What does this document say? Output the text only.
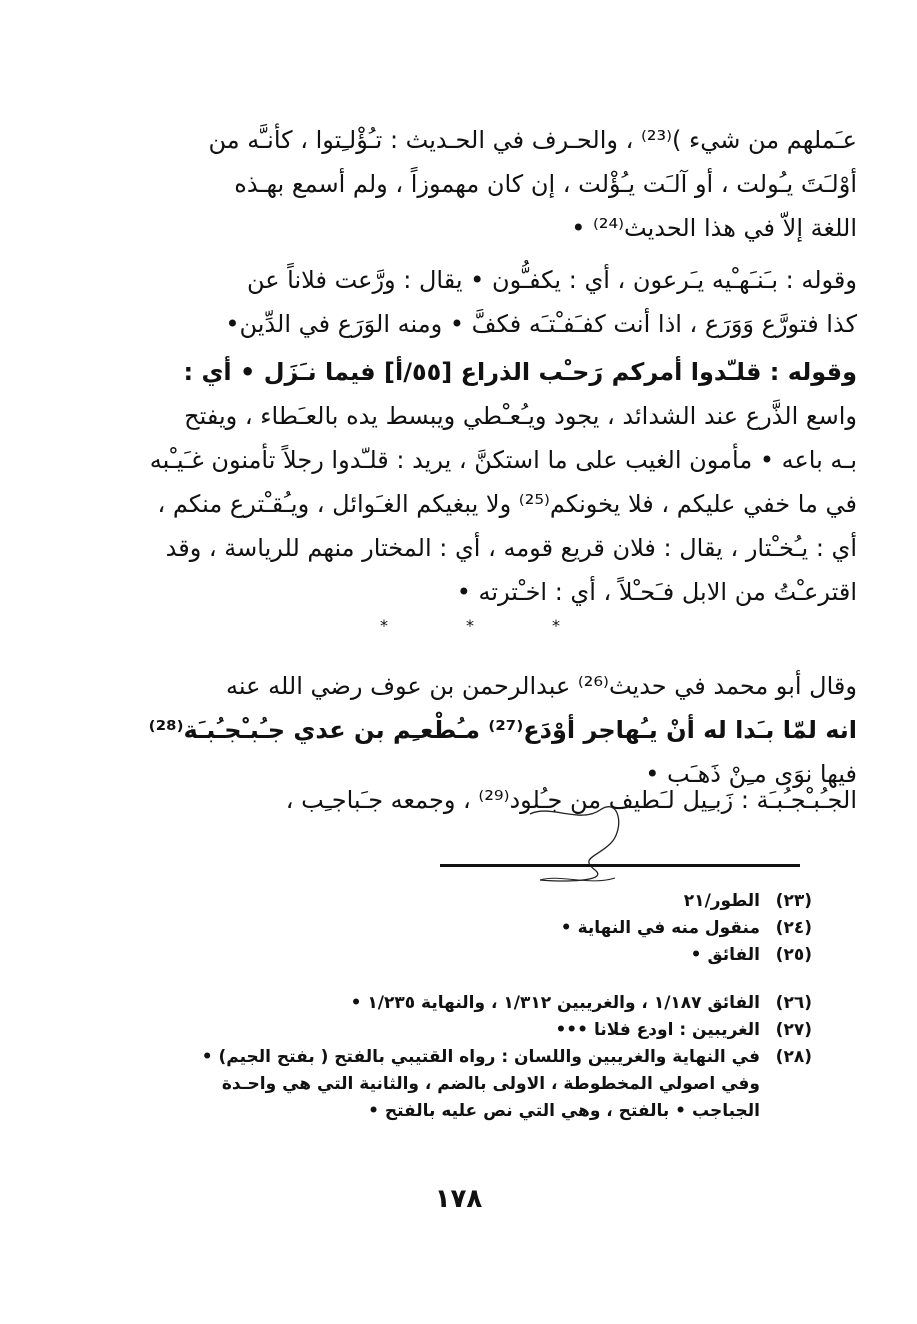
عـَملهم من شيء )⁽²³⁾ ، والحـرف في الحـديث : تـُؤْلـِتوا ، كأنـَّه من

أوْلـَتَ يـُولت ، أو آلـَت يـُؤْلت ، إن كان مهموزاً ، ولم أسمع بهـذه

اللغة إلاّ في هذا الحديث⁽²⁴⁾ •

وقوله : بـَنـَهـْيه يـَرعون ، أي : يكفـُّون • يقال : ورَّعت فلاناً عن

كذا فتورَّع وَوَرَع ، اذا أنت كفـَفـْتـَه فكفَّ • ومنه الوَرَع في الدِّين•

وقوله : قلـّدوا أمركم رَحـْب الذراع [٥٥/أ] فيما نـَزَل • أي :

واسع الذَّرع عند الشدائد ، يجود ويـُعـْطي ويبسط يده بالعـَطاء ، ويفتح

بـه باعه • مأمون الغيب على ما استكنَّ ، يريد : قلـّدوا رجلاً تأمنون غـَيـْبه

في ما خفي عليكم ، فلا يخونكم⁽²⁵⁾ ولا يبغيكم الغـَوائل ، ويـُقـْترع منكم ،

أي : يـُخـْتار ، يقال : فلان قريع قومه ، أي : المختار منهم للرياسة ، وقد

اقترعـْتُ من الابل فـَحـْلاً ، أي : اخـْترته •

*
*
*

وقال أبو محمد في حديث⁽²⁶⁾ عبدالرحمن بن عوف رضي الله عنه

انه لمّا بـَدا له أنْ يـُهاجر أوْدَع⁽²⁷⁾ مـُطْعـِم بن عدي جـُبـْجـُبـَة⁽²⁸⁾

فيها نوَى مـِنْ ذَهـَب •

الجـُبـْجـُبـَة : زَبـِيل لـَطيف من جـُلود⁽²⁹⁾ ، وجمعه جـَباجـِب ،

(٢٣)
الطور/٢١
(٢٤)
منقول منه في النهاية •
(٢٥)
الفائق •
(٢٦)
الفائق ١/١٨٧ ، والغريبين ١/٣١٢ ، والنهاية ١/٢٣٥ •
(٢٧)
الغريبين : اودع فلانا •••
(٢٨)
في النهاية والغريبين واللسان : رواه القتيبي بالفتح ( بفتح الجيم) •
وفي اصولي المخطوطة ، الاولى بالضم ، والثانية التي هي واحـدة
الجباجب • بالفتح ، وهي التي نص عليه بالفتح •
١٧٨
